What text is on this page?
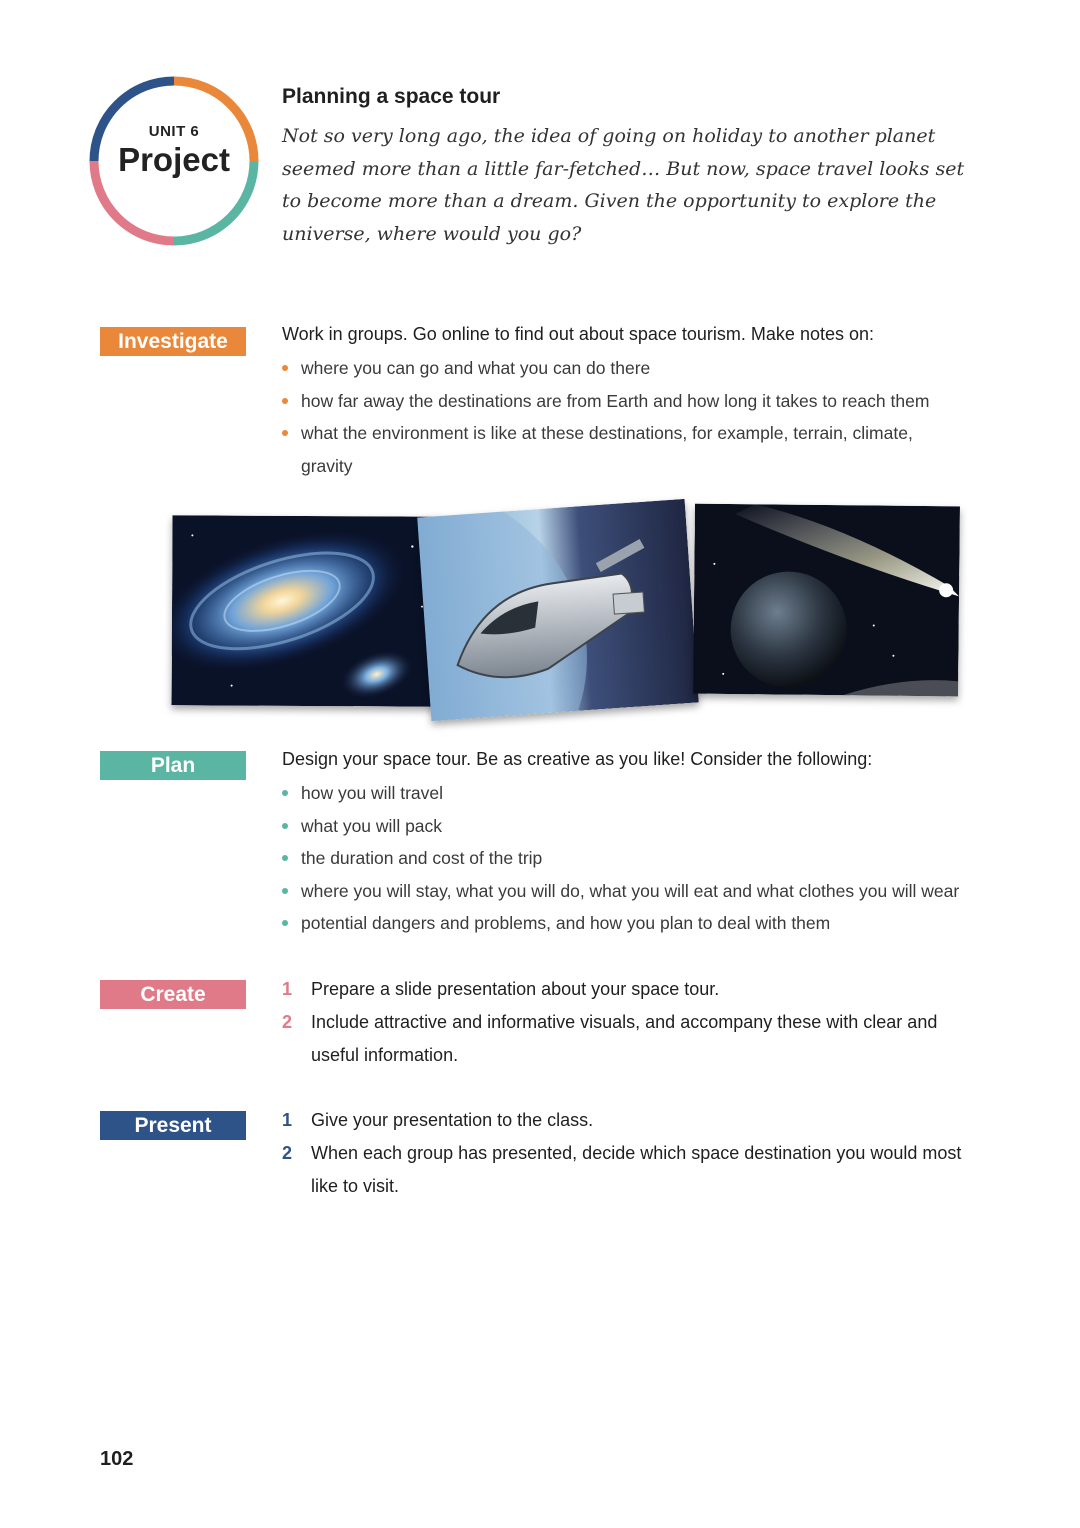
UNIT 6
Project
Planning a space tour
Not so very long ago, the idea of going on holiday to another planet seemed more than a little far-fetched… But now, space travel looks set to become more than a dream. Given the opportunity to explore the universe, where would you go?
Investigate	Work in groups. Go online to find out about space tourism. Make notes on:
where you can go and what you can do there
how far away the destinations are from Earth and how long it takes to reach them
what the environment is like at these destinations, for example, terrain, climate, gravity
Plan	Design your space tour. Be as creative as you like! Consider the following:
how you will travel
what you will pack
the duration and cost of the trip
where you will stay, what you will do, what you will eat and what clothes you will wear
potential dangers and problems, and how you plan to deal with them
Create	1 Prepare a slide presentation about your space tour.
2 Include attractive and informative visuals, and accompany these with clear and useful information.
Present	1 Give your presentation to the class.
2 When each group has presented, decide which space destination you would most like to visit.
102
